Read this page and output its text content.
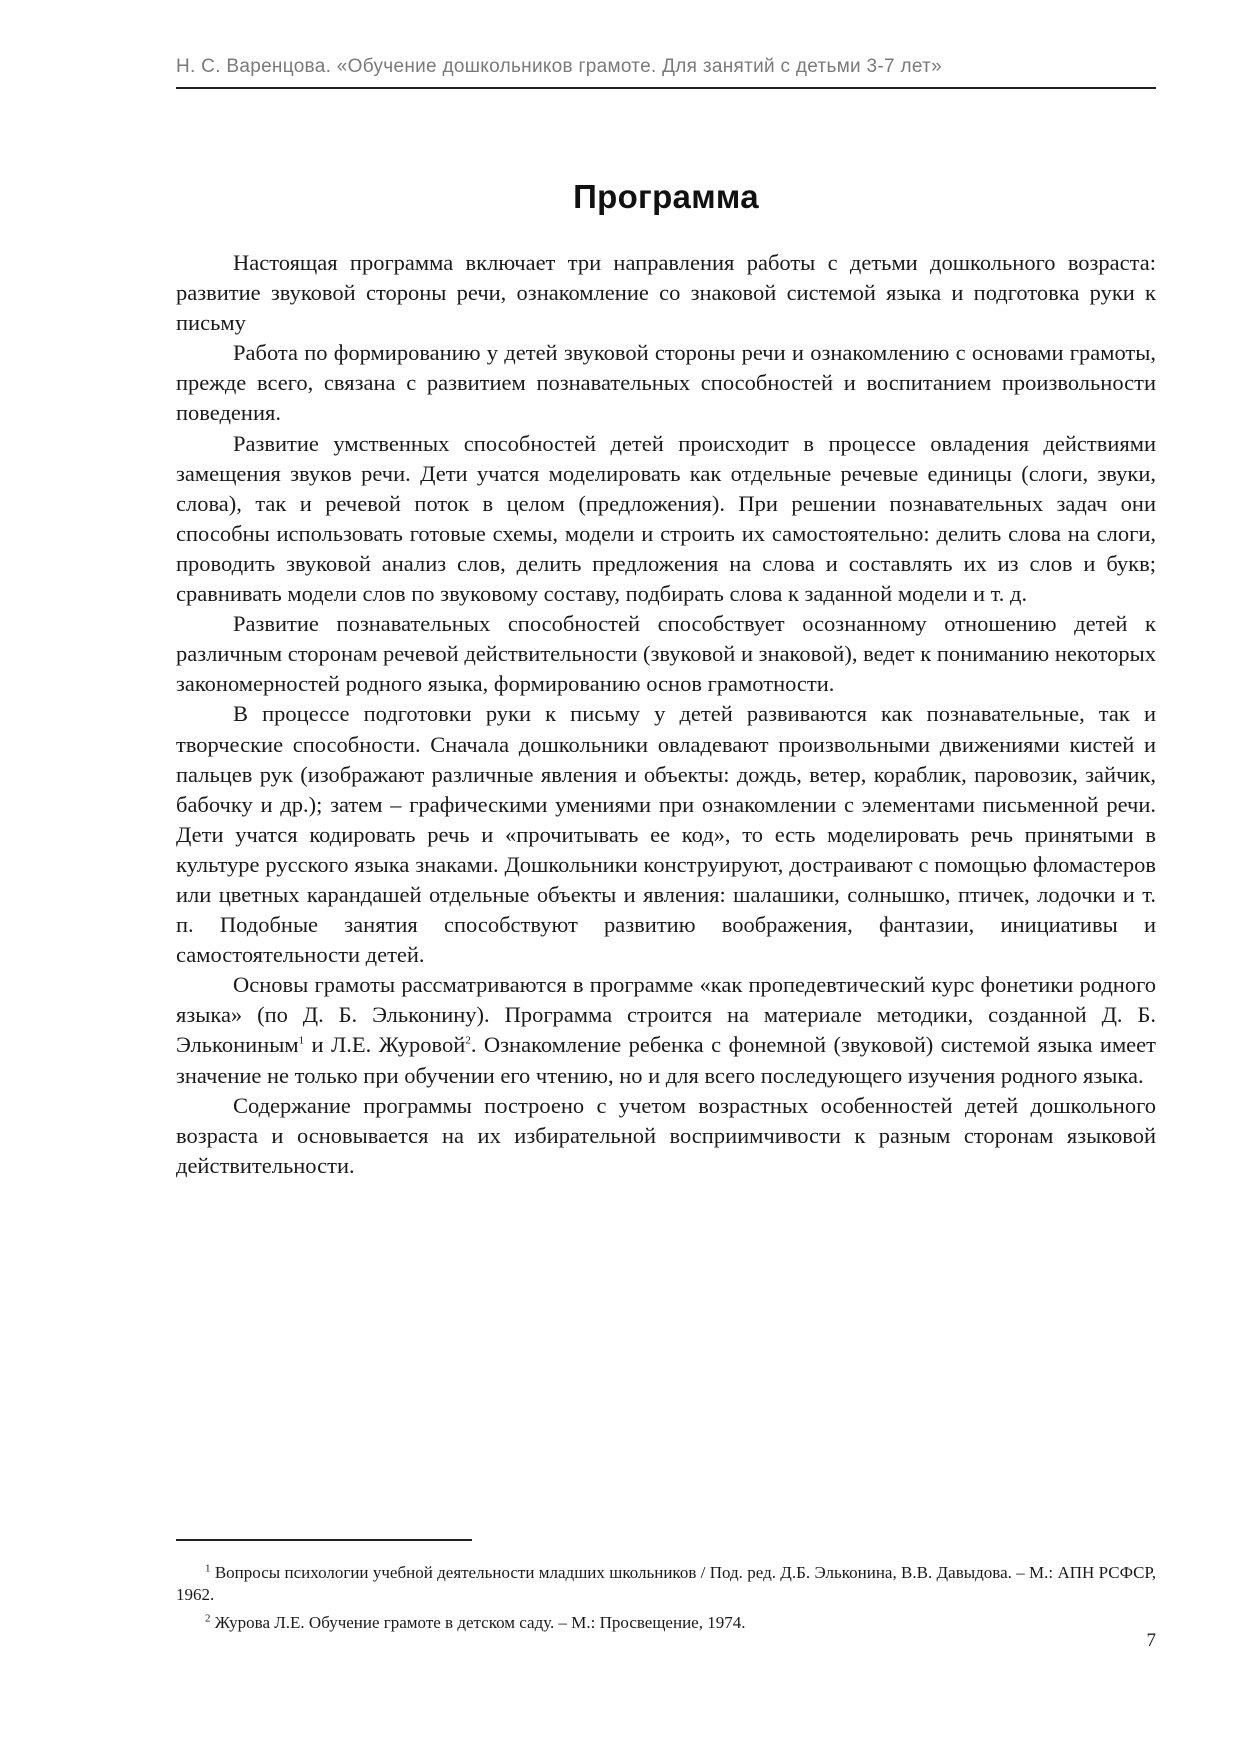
Н. С. Варенцова. «Обучение дошкольников грамоте. Для занятий с детьми 3-7 лет»
Программа

Настоящая программа включает три направления работы с детьми дошкольного возраста: развитие звуковой стороны речи, ознакомление со знаковой системой языка и подготовка руки к письму

Работа по формированию у детей звуковой стороны речи и ознакомлению с основами грамоты, прежде всего, связана с развитием познавательных способностей и воспитанием произвольности поведения.

Развитие умственных способностей детей происходит в процессе овладения действиями замещения звуков речи. Дети учатся моделировать как отдельные речевые единицы (слоги, звуки, слова), так и речевой поток в целом (предложения). При решении познавательных задач они способны использовать готовые схемы, модели и строить их самостоятельно: делить слова на слоги, проводить звуковой анализ слов, делить предложения на слова и составлять их из слов и букв; сравнивать модели слов по звуковому составу, подбирать слова к заданной модели и т. д.

Развитие познавательных способностей способствует осознанному отношению детей к различным сторонам речевой действительности (звуковой и знаковой), ведет к пониманию некоторых закономерностей родного языка, формированию основ грамотности.

В процессе подготовки руки к письму у детей развиваются как познавательные, так и творческие способности. Сначала дошкольники овладевают произвольными движениями кистей и пальцев рук (изображают различные явления и объекты: дождь, ветер, кораблик, паровозик, зайчик, бабочку и др.); затем – графическими умениями при ознакомлении с элементами письменной речи. Дети учатся кодировать речь и «прочитывать ее код», то есть моделировать речь принятыми в культуре русского языка знаками. Дошкольники конструируют, достраивают с помощью фломастеров или цветных карандашей отдельные объекты и явления: шалашики, солнышко, птичек, лодочки и т. п. Подобные занятия способствуют развитию воображения, фантазии, инициативы и самостоятельности детей.

Основы грамоты рассматриваются в программе «как пропедевтический курс фонетики родного языка» (по Д. Б. Эльконину). Программа строится на материале методики, созданной Д. Б. Элькониным$^1$ и Л.Е. Журовой$^2$. Ознакомление ребенка с фонемной (звуковой) системой языка имеет значение не только при обучении его чтению, но и для всего последующего изучения родного языка.

Содержание программы построено с учетом возрастных особенностей детей дошкольного возраста и основывается на их избирательной восприимчивости к разным сторонам языковой действительности.

$^1$ Вопросы психологии учебной деятельности младших школьников / Под. ред. Д.Б. Эльконина, В.В. Давыдова. – М.: АПН РСФСР, 1962.

$^2$ Журова Л.Е. Обучение грамоте в детском саду. – М.: Просвещение, 1974.

7
